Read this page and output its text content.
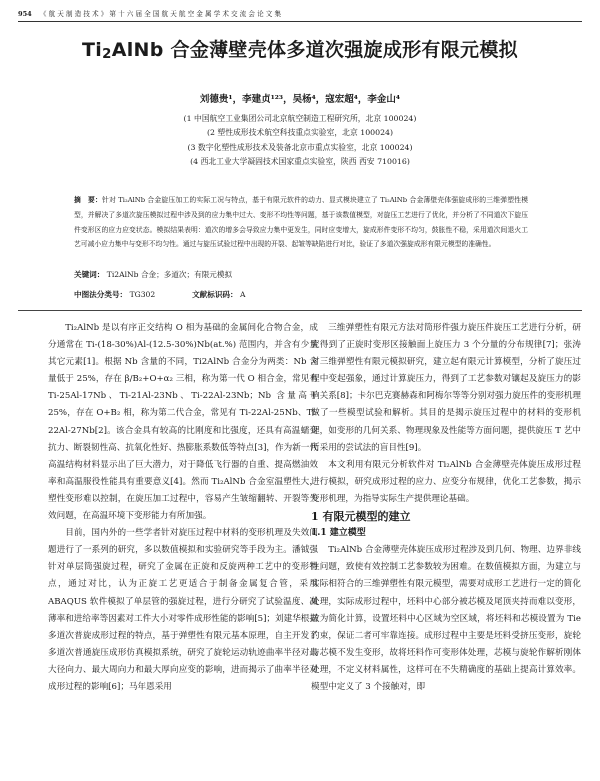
954 《 航 天 制 造 技 术 》 第 十 六 届 全 国 航 天 航 空 金 属 学 术 交 流 会 论 文 集
$Ti_2AlNb$ 合金薄壁壳体多道次强旋成形有限元模拟
刘德贵¹，李建贞¹²³，吴杨⁴，寇宏超⁴，李金山⁴
(1 中国航空工业集团公司北京航空制造工程研究所，北京 100024)
(2 塑性成形技术航空科技重点实验室，北京 100024)
(3 数字化塑性成形技术及装备北京市重点实验室，北京 100024)
(4 西北工业大学凝固技术国家重点实验室，陕西 西安 710016)
摘　要：针对 Ti₂AlNb 合金旋压加工的实际工况与特点，基于有限元软件的动力、显式模块建立了 Ti₂AlNb 合金薄壁壳体强旋成形的三维弹塑性模型，并解决了多道次旋压模拟过程中涉及到的应力集中过大、变形不均性等问题，基于该数值模型，对旋压工艺进行了优化，并分析了不同道次下旋压件变形区的应力应变状态。模拟结果表明：道次的增多会导致应力集中更发生，同时应变增大，旋成形件变形不均匀，鼓胀性不稳，采用道次间退火工艺可减小应力集中与变形不均匀性。通过与旋压试验过程中出现的开裂、起皱等缺陷进行对比，验证了多道次强旋成形有限元模型的准确性。
关键词： Ti2AlNb 合金；多道次；有限元模拟
中图法分类号： TG302	文献标识码： A

Ti₂AlNb 是以有序正交结构 O 相为基础的金属间化合物合金，成分通常在 Ti-(18-30%)Al-(12.5-30%)Nb(at.%) 范围内，并含有少量其它元素[1]。根据 Nb 含量的不同，Ti2AlNb 合金分为两类：Nb 含量低于 25%，存在 β/B₂+O+α₂ 三相，称为第一代 O 相合金，常见有 Ti-25Al-17Nb、Ti-21Al-23Nb、Ti-22Al-23Nb；Nb 含量高于 25%，存在 O+B₂ 相，称为第二代合金，常见有 Ti-22Al-25Nb、Ti-22Al-27Nb[2]。该合金具有较高的比刚度和比强度，还具有高温蠕变抗力、断裂韧性高、抗氧化性好、热膨胀系数低等特点[3]，作为新一代高温结构材料显示出了巨大潜力，对于降低飞行器的自重、提高燃油效率和高温服役性能具有重要意义[4]。然而 Ti₂AlNb 合金室温塑性大，塑性变形难以控制，在旋压加工过程中，容易产生皱缩翻转、开裂等失效问题，在高温环境下变形能力有所加强。

目前，国内外的一些学者针对旋压过程中材料的变形机理及失效问题进行了一系列的研究，多以数值模拟和实验研究等手段为主。潘钺强针对单层筒强旋过程，研究了金属在正旋和反旋两种工艺中的变形特点，通过对比，认为正旋工艺更适合于制备金属复合管，采用 ABAQUS 软件模拟了单层管的强旋过程，进行分研究了试验温度、减薄率和进给率等因素对工件大小对零件成形性能的影响[5]；刘建华根据多道次普旋成形过程的特点，基于弹塑性有限元基本原理，自主开发了多道次普通旋压成形仿真模拟系统，研究了旋轮运动轨迹曲率半径对最大径向力、最大周向力和最大厚向应变的影响，进而揭示了曲率半径对成形过程的影响[6]；马年恩采用

三维弹塑性有限元方法对筒形件强力旋压件旋压工艺进行分析，研究得到了正旋时变形区接触面上旋压力 3 个分量的分布规律[7]；张涛对三维弹塑性有限元模拟研究，建立起有限元计算模型，分析了旋压过程中变起强象，通过计算旋压力，得到了工艺参数对镶起及旋压力的影响关系[8]；卡尔巴克赛赫森和阿梅尔等等分别对强力旋压件的变形机理做了一些模型试验和解析。其目的是揭示旋压过程中的材料的变形机理，如变形的几何关系、物理现象及性能等方面问题，提供旋压 T 艺中所采用的尝试法的盲目性[9]。

本文利用有限元分析软件对 Ti₂AlNb 合金薄壁壳体旋压成形过程进行模拟，研究成形过程的应力、应变分布规律，优化工艺参数，揭示变形机理，为指导实际生产提供理论基础。

1 有限元模型的建立

1.1 建立模型

Ti₂AlNb 合金薄壁壳体旋压成形过程涉及到几何、物理、边界非线性问题，致使有效控制工艺参数较为困难。在数值模拟方面，为建立与实际相符合的三维弹塑性有限元模型，需要对成形工艺进行一定的简化处理，实际成形过程中，坯料中心部分被芯模及尾顶夹持而难以变形，故为简化计算，设置坯料中心区域为空区域，将坯料和芯模设置为 Tie 约束，保证二者可牢靠连接。成形过程中主要是坯料受挤压变形，旋轮与芯模不发生变形，故将坯料作可变形体处理，芯模与旋轮作解析刚体处理，不定义材料属性，这样可在不失精确度的基础上提高计算效率。模型中定义了 3 个接触对，即
